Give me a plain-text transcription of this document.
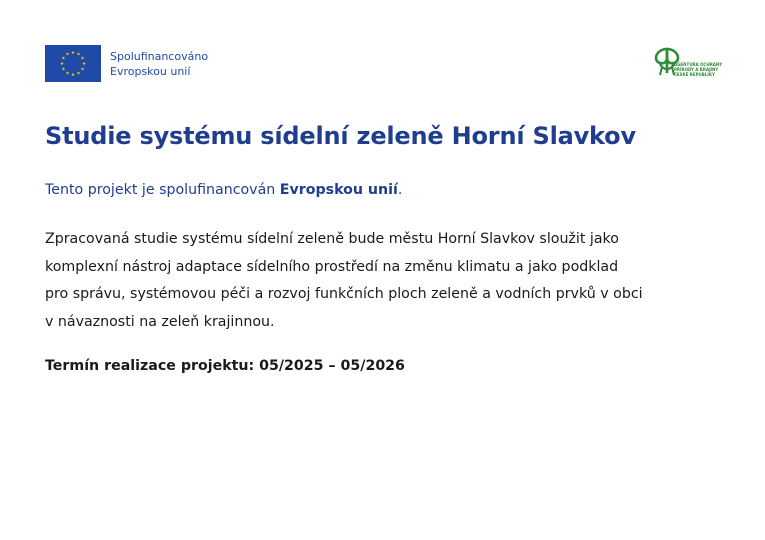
Spolufinancováno
Evropskou unií	AGENTURA OCHRANY
PŘÍRODY A KRAJINY
ČESKÉ REPUBLIKY
Studie systému sídelní zeleně Horní Slavkov

Tento projekt je spolufinancován Evropskou unií.

Zpracovaná studie systému sídelní zeleně bude městu Horní Slavkov sloužit jako
komplexní nástroj adaptace sídelního prostředí na změnu klimatu a jako podklad
pro správu, systémovou péči a rozvoj funkčních ploch zeleně a vodních prvků v obci
v návaznosti na zeleň krajinnou.

Termín realizace projektu: 05/2025 – 05/2026
